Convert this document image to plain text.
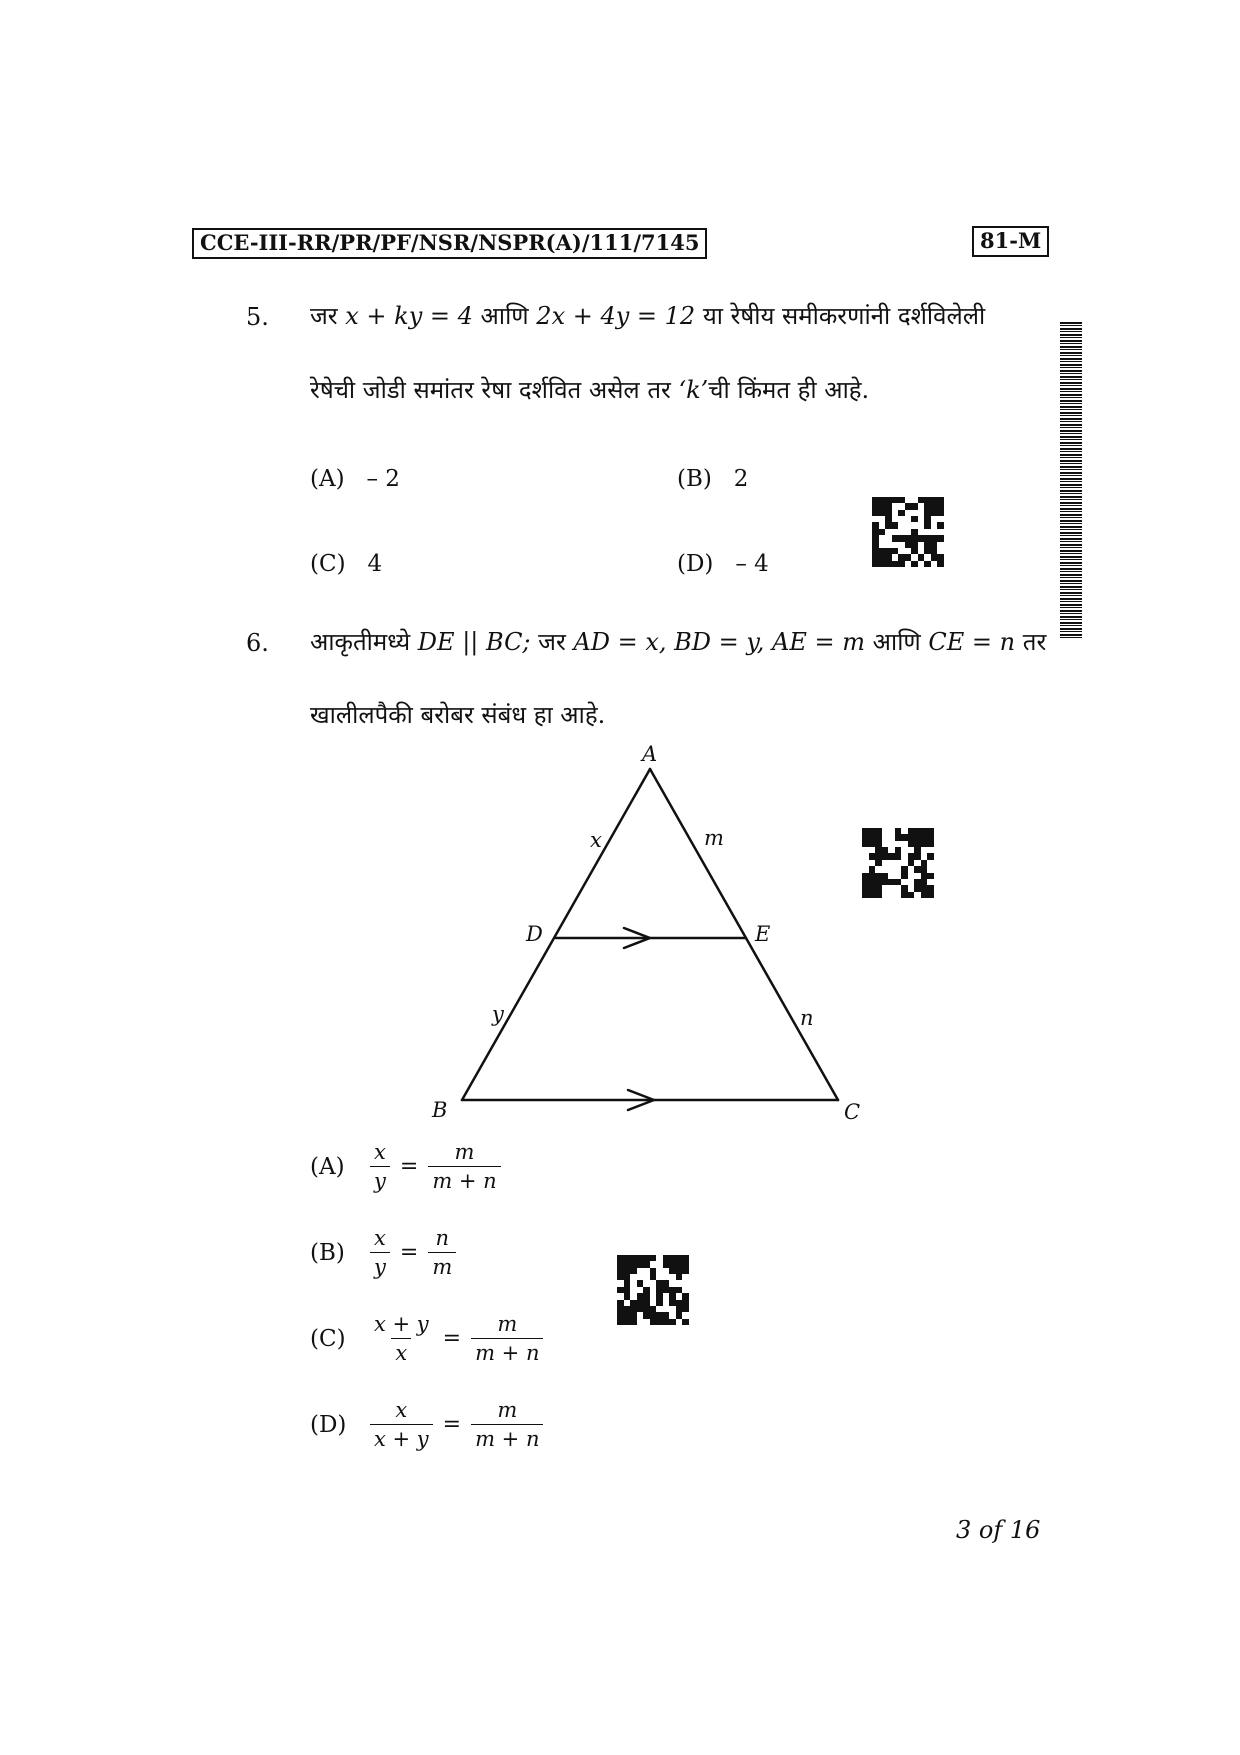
CCE-III-RR/PR/PF/NSR/NSPR(A)/111/7145	81-M
5. जर x + ky = 4 आणि 2x + 4y = 12 या रेषीय समीकरणांनी दर्शविलेली
रेषेची जोडी समांतर रेषा दर्शवित असेल तर ‘k’ची किंमत ही आहे.
(A) – 2	(B) 2
(C) 4	(D) – 4
6. आकृतीमध्ये DE || BC; जर AD = x, BD = y, AE = m आणि CE = n तर
खालीलपैकी बरोबर संबंध हा आहे.
A
B	C
D	E
x	m
y	n
(A)	$\frac{x}{y} = \frac{m}{m + n}$
(B)	$\frac{x}{y} = \frac{n}{m}$
(C)	$\frac{x + y}{x} = \frac{m}{m + n}$
(D)	$\frac{x}{x + y} = \frac{m}{m + n}$
3 of 16
